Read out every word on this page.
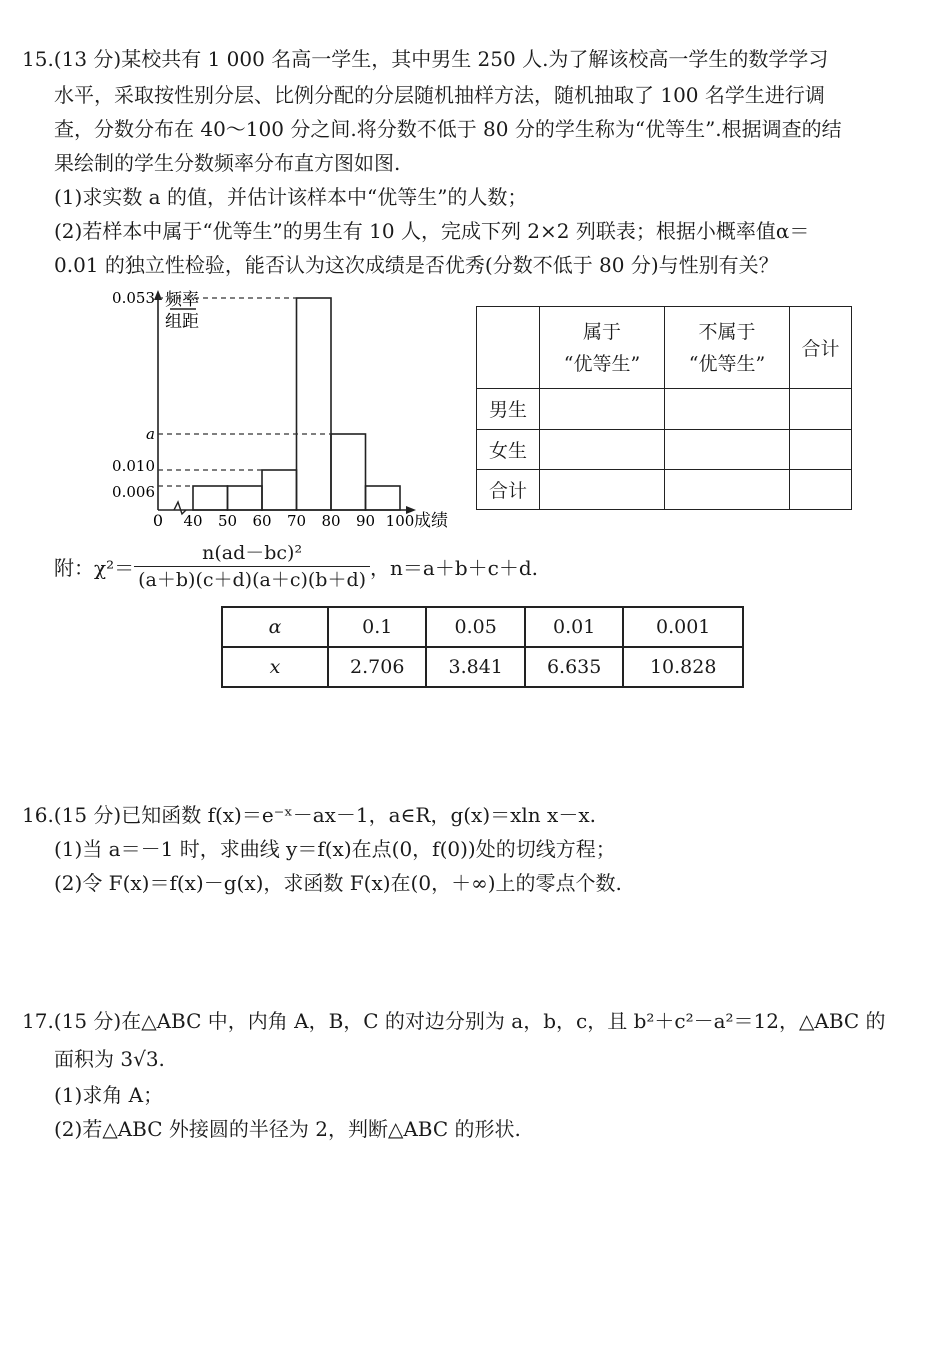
15.(13 分)某校共有 1 000 名高一学生，其中男生 250 人.为了解该校高一学生的数学学习
水平，采取按性别分层、比例分配的分层随机抽样方法，随机抽取了 100 名学生进行调
查，分数分布在 40～100 分之间.将分数不低于 80 分的学生称为“优等生”.根据调查的结
果绘制的学生分数频率分布直方图如图.
(1)求实数 a 的值，并估计该样本中“优等生”的人数；
(2)若样本中属于“优等生”的男生有 10 人，完成下列 2×2 列联表；根据小概率值α＝
0.01 的独立性检验，能否认为这次成绩是否优秀(分数不低于 80 分)与性别有关？
频率
组距
0.053
a
0.010
0.006
40 50 60 70 80 90 100 成绩
0
	属于
“优等生”	不属于
“优等生”	合计
男生			
女生			
合计			
附：$\chi^2= \frac{\text{n(ad－bc)²}}{(a+b)(c+d)(a+c)(b+d)}$ ，n＝a＋b＋c＋d.
α	0.1	0.05	0.01	0.001
x	2.706	3.841	6.635	10.828
16.(15 分)已知函数 f(x)＝e⁻ˣ－ax－1，a∈R，g(x)＝xln x－x.
(1)当 a＝－1 时，求曲线 y＝f(x)在点(0，f(0))处的切线方程；
(2)令 F(x)＝f(x)－g(x)，求函数 F(x)在(0，＋∞)上的零点个数.
17.(15 分)在△ABC 中，内角 A，B，C 的对边分别为 a，b，c，且 b²＋c²－a²＝12，△ABC 的
面积为 3√3.
(1)求角 A；
(2)若△ABC 外接圆的半径为 2，判断△ABC 的形状.
